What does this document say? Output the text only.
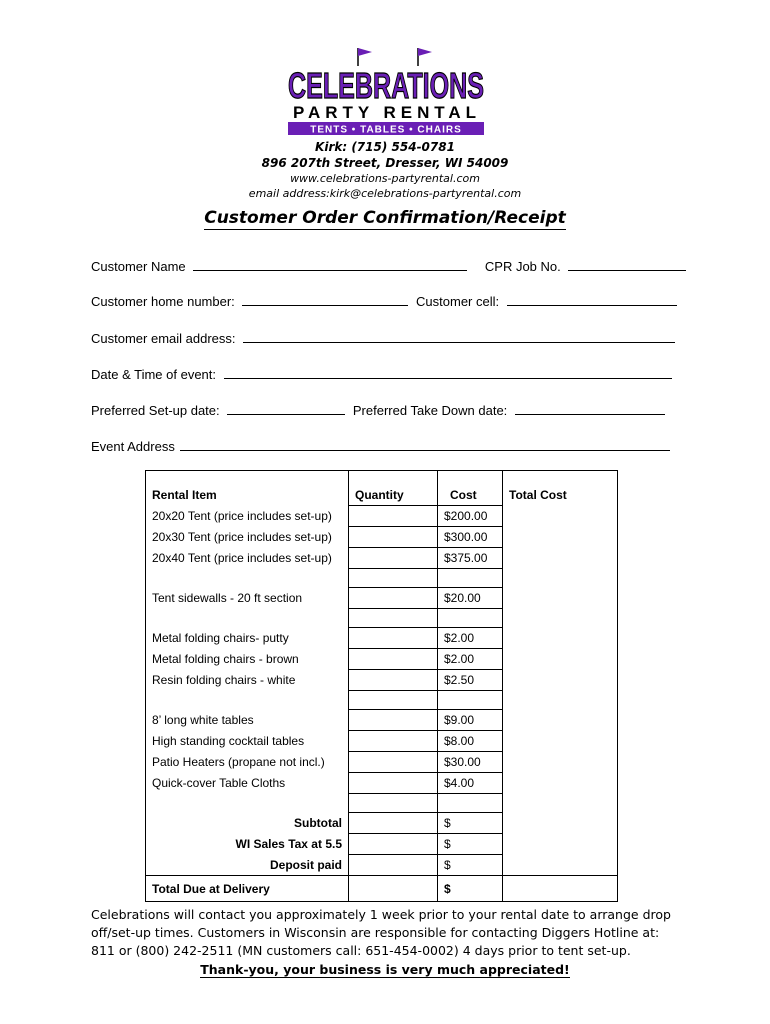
CELEBRATIONS
PARTY RENTAL
TENTS • TABLES • CHAIRS
Kirk: (715) 554-0781
896 207th Street, Dresser, WI 54009
www.celebrations-partyrental.com
email address:kirk@celebrations-partyrental.com
Customer Order Confirmation/Receipt
Customer Name	CPR Job No.
Customer home number:	Customer cell:
Customer email address:
Date & Time of event:
Preferred Set-up date:	Preferred Take Down date:
Event Address

Rental Item	Quantity	Cost	Total Cost
20x20 Tent (price includes set-up)		$200.00	
20x30 Tent (price includes set-up)		$300.00	
20x40 Tent (price includes set-up)		$375.00	

Tent sidewalls - 20 ft section		$20.00	

Metal folding chairs- putty		$2.00	
Metal folding chairs - brown		$2.00	
Resin folding chairs - white		$2.50	

8’ long white tables		$9.00	
High standing cocktail tables		$8.00	
Patio Heaters (propane not incl.)		$30.00	
Quick-cover Table Cloths		$4.00	

Subtotal		$	
WI Sales Tax at 5.5		$	
Deposit paid		$	
Total Due at Delivery		$	
Celebrations will contact you approximately 1 week prior to your rental date to arrange drop off/set-up times. Customers in Wisconsin are responsible for contacting Diggers Hotline at: 811 or (800) 242-2511 (MN customers call: 651-454-0002) 4 days prior to tent set-up.
Thank-you, your business is very much appreciated!
